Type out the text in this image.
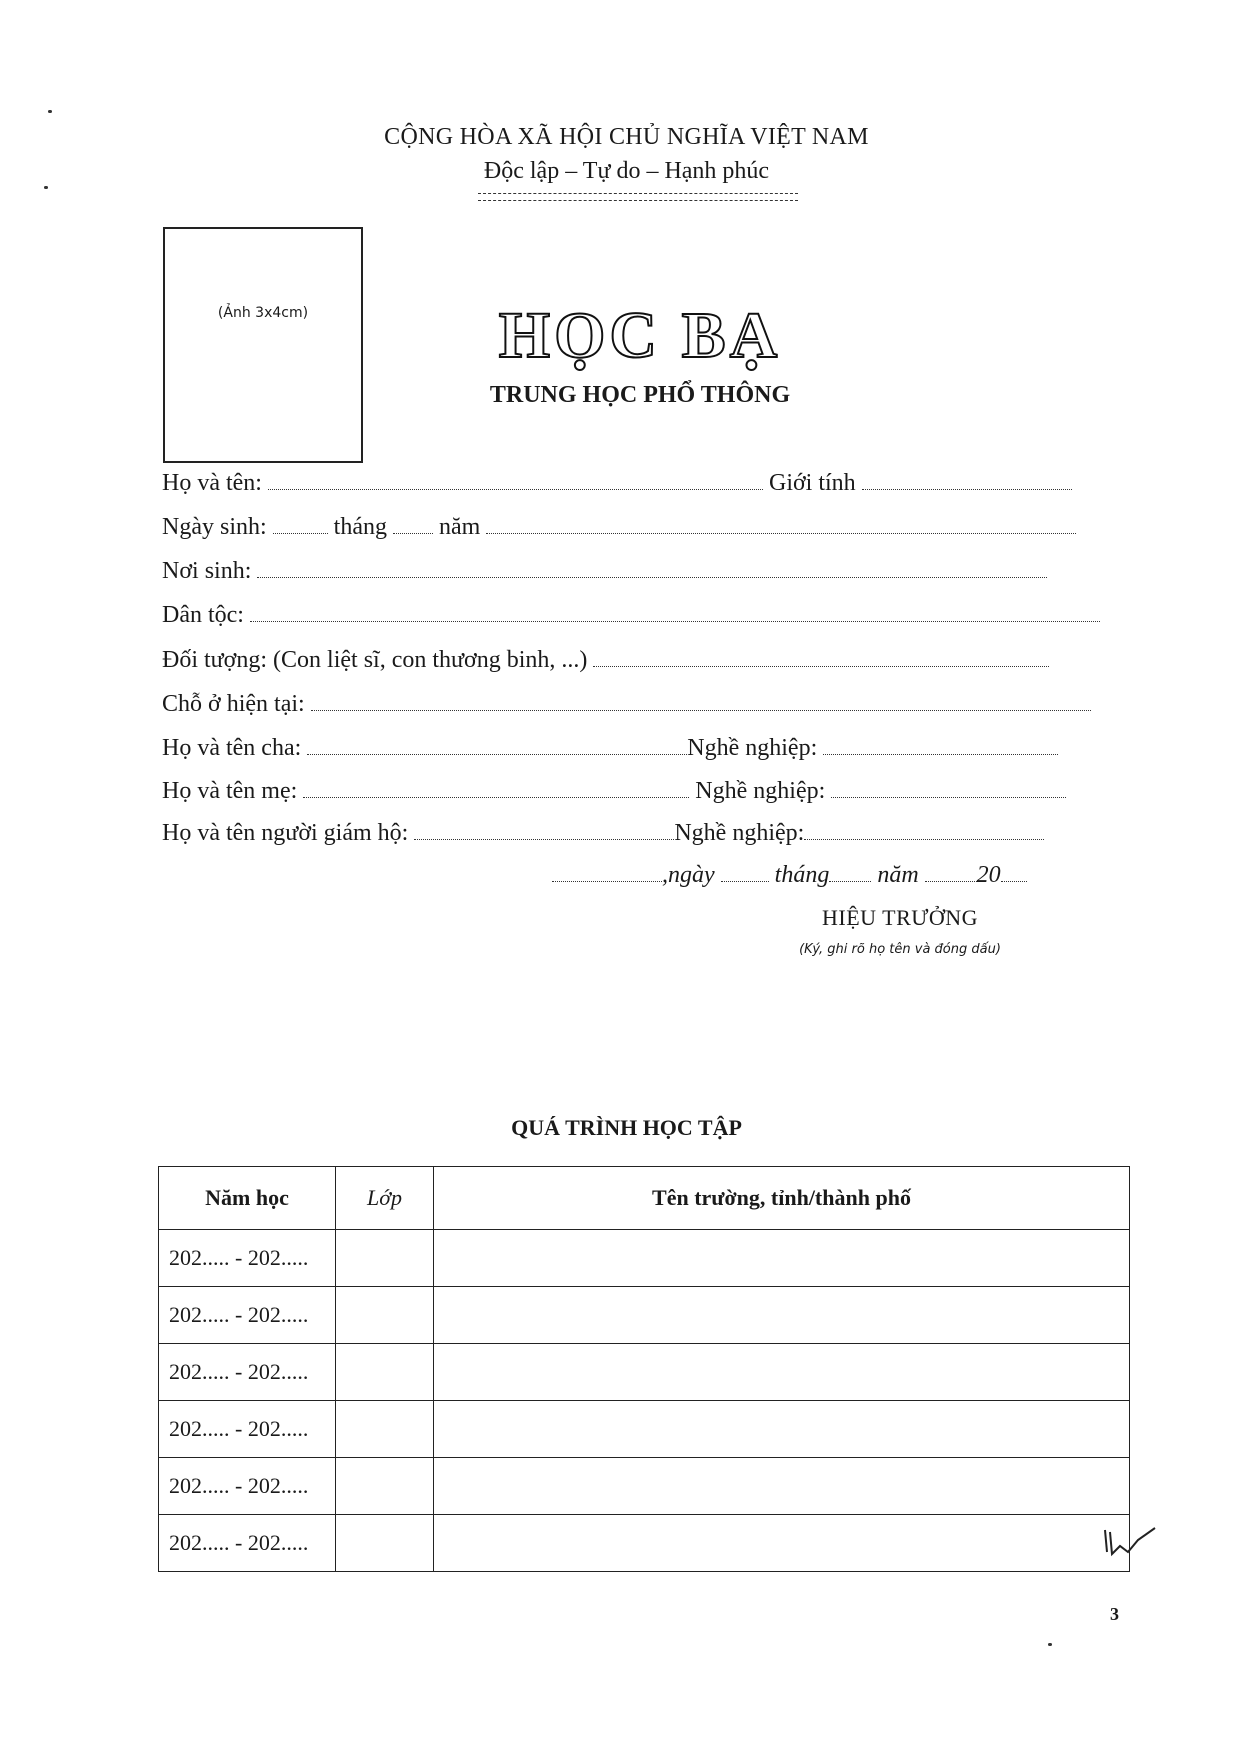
CỘNG HÒA XÃ HỘI CHỦ NGHĨA VIỆT NAM
Độc lập – Tự do – Hạnh phúc
(Ảnh 3x4cm)	HỌC BẠ
TRUNG HỌC PHỔ THÔNG
Họ và tên:	Giới tính
Ngày sinh:	tháng năm
Nơi sinh:
Dân tộc:
Đối tượng: (Con liệt sĩ, con thương binh, ...)
Chỗ ở hiện tại:
Họ và tên cha:	Nghề nghiệp:
Họ và tên mẹ:	Nghề nghiệp:
Họ và tên người giám hộ:	Nghề nghiệp:
,ngày	tháng năm 20
HIỆU TRƯỞNG
(Ký, ghi rõ họ tên và đóng dấu)
QUÁ TRÌNH HỌC TẬP
Năm học	Lớp	Tên trường, tỉnh/thành phố
202..... - 202.....		
202..... - 202.....		
202..... - 202.....		
202..... - 202.....		
202..... - 202.....		
202..... - 202.....		
3
